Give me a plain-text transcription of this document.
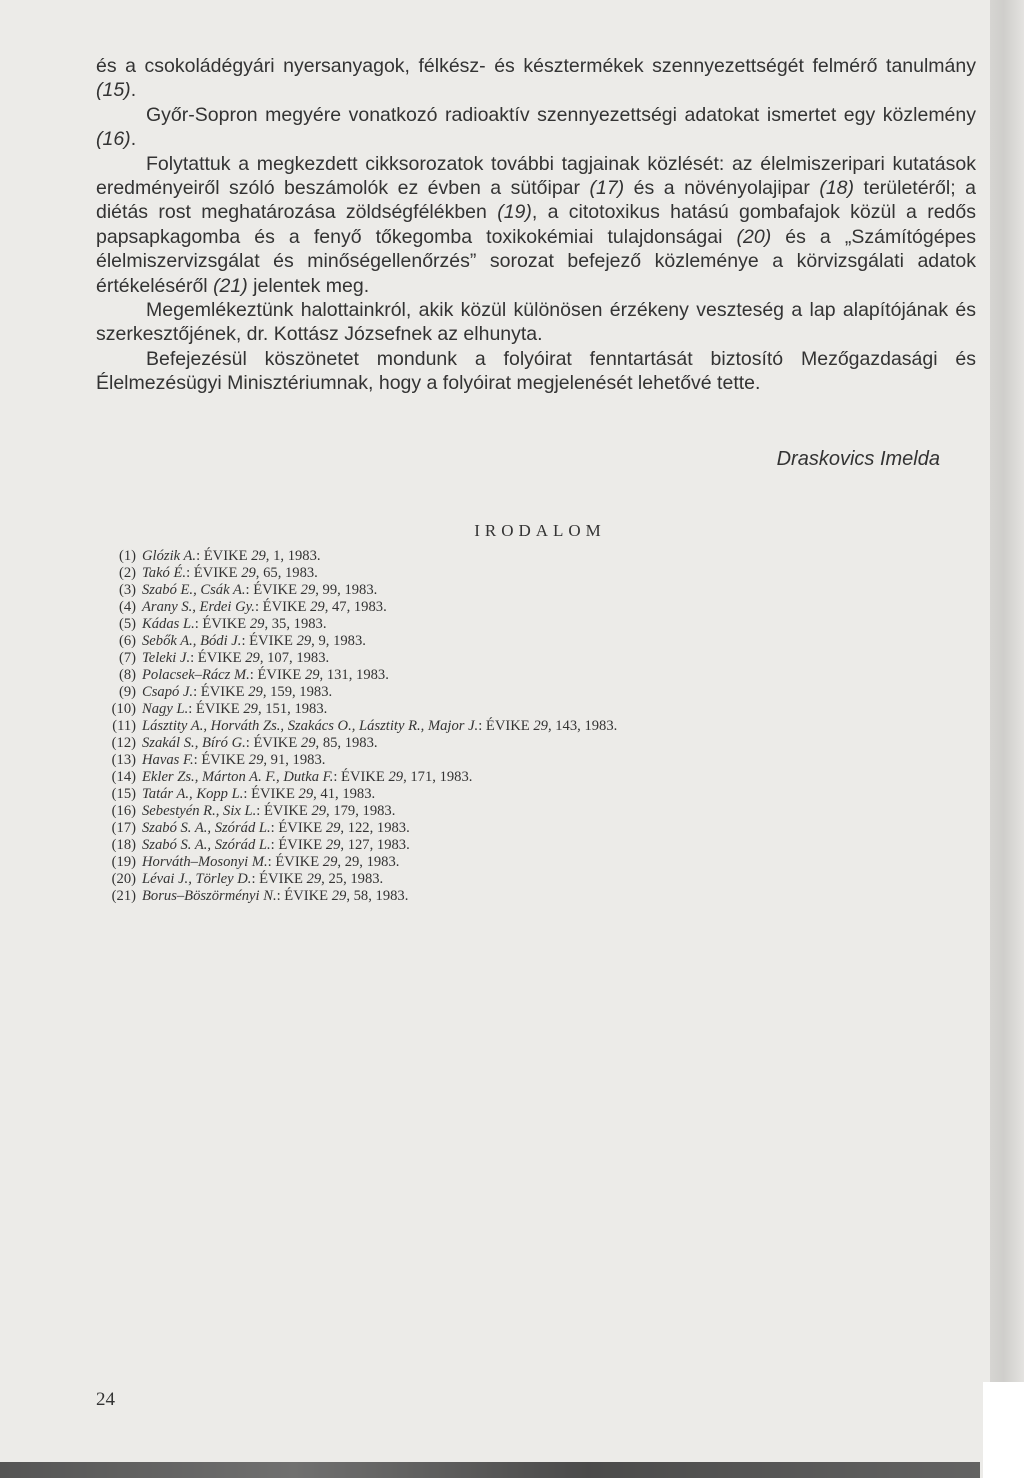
és a csokoládégyári nyersanyagok, félkész- és késztermékek szennyezettségét felmérő tanulmány (15).

Győr-Sopron megyére vonatkozó radioaktív szennyezettségi adatokat ismertet egy közlemény (16).

Folytattuk a megkezdett cikksorozatok további tagjainak közlését: az élelmiszeripari kutatások eredményeiről szóló beszámolók ez évben a sütőipar (17) és a növényolajipar (18) területéről; a diétás rost meghatározása zöldségfélékben (19), a citotoxikus hatású gombafajok közül a redős papsapkagomba és a fenyő tőkegomba toxikokémiai tulajdonságai (20) és a „Számítógépes élelmiszervizsgálat és minőségellenőrzés” sorozat befejező közleménye a körvizsgálati adatok értékeléséről (21) jelentek meg.

Megemlékeztünk halottainkról, akik közül különösen érzékeny veszteség a lap alapítójának és szerkesztőjének, dr. Kottász Józsefnek az elhunyta.

Befejezésül köszönetet mondunk a folyóirat fenntartását biztosító Mezőgazdasági és Élelmezésügyi Minisztériumnak, hogy a folyóirat megjelenését lehetővé tette.

Draskovics Imelda
IRODALOM
(1) Glózik A.: ÉVIKE 29, 1, 1983.
(2) Takó É.: ÉVIKE 29, 65, 1983.
(3) Szabó E., Csák A.: ÉVIKE 29, 99, 1983.
(4) Arany S., Erdei Gy.: ÉVIKE 29, 47, 1983.
(5) Kádas L.: ÉVIKE 29, 35, 1983.
(6) Sebők A., Bódi J.: ÉVIKE 29, 9, 1983.
(7) Teleki J.: ÉVIKE 29, 107, 1983.
(8) Polacsek–Rácz M.: ÉVIKE 29, 131, 1983.
(9) Csapó J.: ÉVIKE 29, 159, 1983.
(10) Nagy L.: ÉVIKE 29, 151, 1983.
(11) Lásztity A., Horváth Zs., Szakács O., Lásztity R., Major J.: ÉVIKE 29, 143, 1983.
(12) Szakál S., Bíró G.: ÉVIKE 29, 85, 1983.
(13) Havas F.: ÉVIKE 29, 91, 1983.
(14) Ekler Zs., Márton A. F., Dutka F.: ÉVIKE 29, 171, 1983.
(15) Tatár A., Kopp L.: ÉVIKE 29, 41, 1983.
(16) Sebestyén R., Six L.: ÉVIKE 29, 179, 1983.
(17) Szabó S. A., Szórád L.: ÉVIKE 29, 122, 1983.
(18) Szabó S. A., Szórád L.: ÉVIKE 29, 127, 1983.
(19) Horváth–Mosonyi M.: ÉVIKE 29, 29, 1983.
(20) Lévai J., Törley D.: ÉVIKE 29, 25, 1983.
(21) Borus–Böszörményi N.: ÉVIKE 29, 58, 1983.
24
